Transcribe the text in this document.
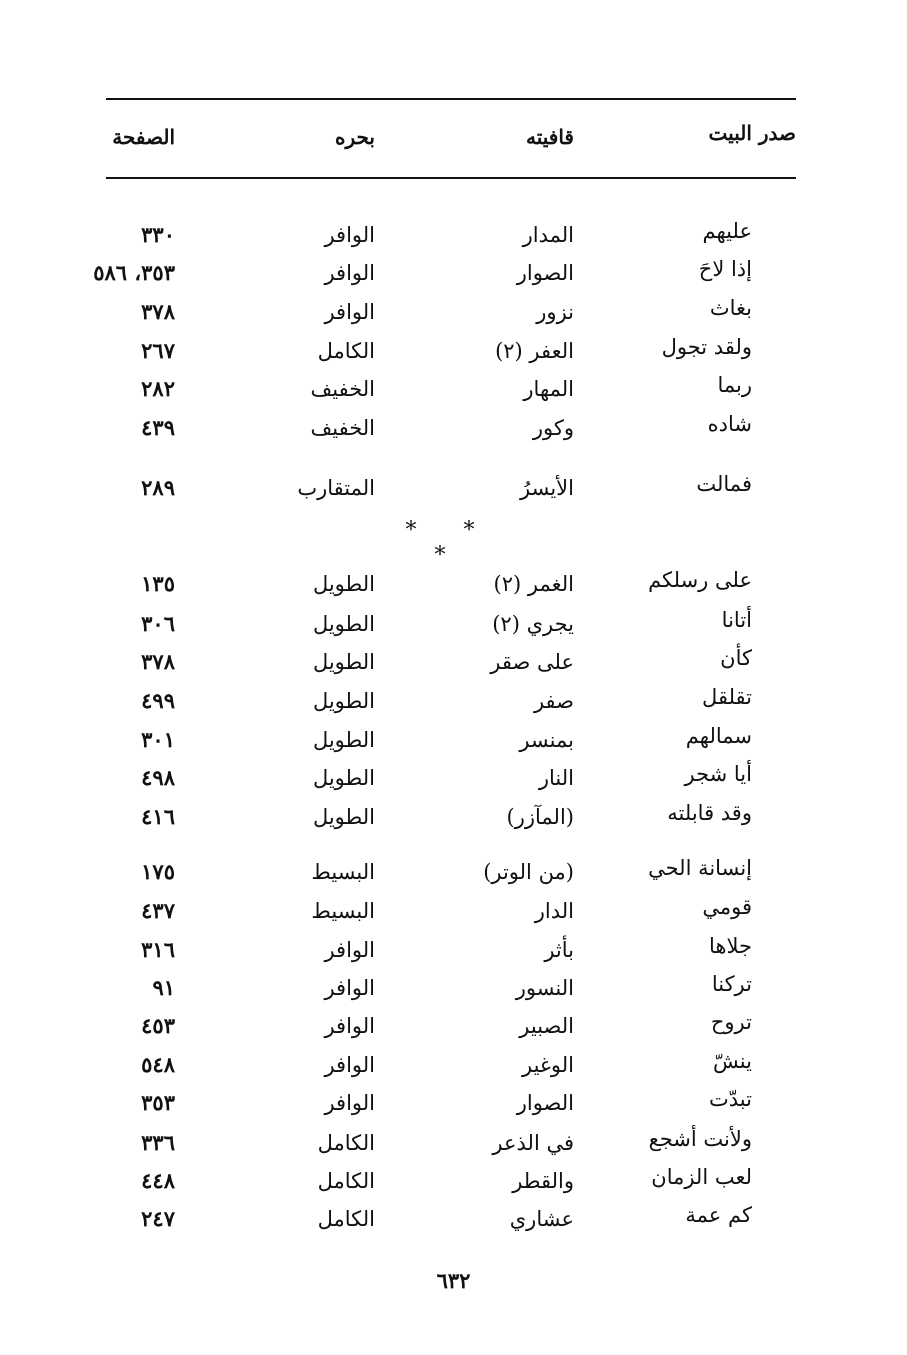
صدر البيت
قافيته
بحره
الصفحة
عليهم
المدار
الوافر
٣٣٠
إذا لاحَ
الصوار
الوافر
٣٥٣، ٥٨٦
بغاث
نزور
الوافر
٣٧٨
ولقد تجول
العفر (٢)
الكامل
٢٦٧
ربما
المهار
الخفيف
٢٨٢
شاده
وكور
الخفيف
٤٣٩
فمالت
الأيسرُ
المتقارب
٢٨٩
على رسلكم
الغمر (٢)
الطويل
١٣٥
أتانا
يجري (٢)
الطويل
٣٠٦
كأن
على صقر
الطويل
٣٧٨
تقلقل
صفر
الطويل
٤٩٩
سمالهم
بمنسر
الطويل
٣٠١
أيا شجر
النار
الطويل
٤٩٨
وقد قابلته
(المآزر)
الطويل
٤١٦
إنسانة الحي
(من الوتر)
البسيط
١٧٥
قومي
الدار
البسيط
٤٣٧
جلاها
بأثر
الوافر
٣١٦
تركنا
النسور
الوافر
٩١
تروح
الصبير
الوافر
٤٥٣
ينشّ
الوغير
الوافر
٥٤٨
تبدّت
الصوار
الوافر
٣٥٣
ولأنت أشجع
في الذعر
الكامل
٣٣٦
لعب الزمان
والقطر
الكامل
٤٤٨
كم عمة
عشاري
الكامل
٢٤٧
* * *
٦٣٢
